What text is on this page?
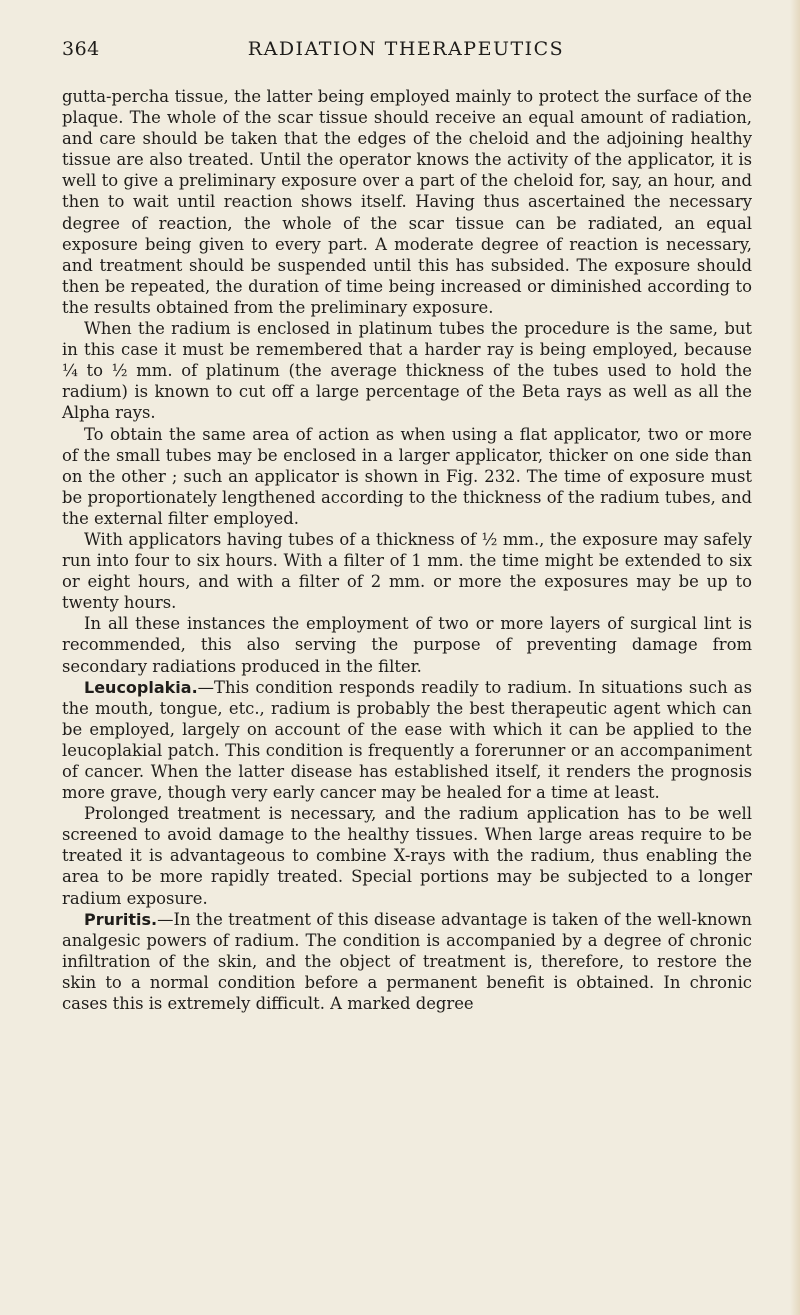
364	RADIATION THERAPEUTICS

gutta-percha tissue, the latter being employed mainly to protect the surface of the plaque. The whole of the scar tissue should receive an equal amount of radiation, and care should be taken that the edges of the cheloid and the adjoining healthy tissue are also treated. Until the operator knows the activity of the applicator, it is well to give a preliminary exposure over a part of the cheloid for, say, an hour, and then to wait until reaction shows itself. Having thus ascertained the necessary degree of reaction, the whole of the scar tissue can be radiated, an equal exposure being given to every part. A moderate degree of reaction is necessary, and treatment should be suspended until this has subsided. The exposure should then be repeated, the duration of time being increased or diminished according to the results obtained from the preliminary exposure.

When the radium is enclosed in platinum tubes the procedure is the same, but in this case it must be remembered that a harder ray is being employed, because ¼ to ½ mm. of platinum (the average thickness of the tubes used to hold the radium) is known to cut off a large percentage of the Beta rays as well as all the Alpha rays.

To obtain the same area of action as when using a flat applicator, two or more of the small tubes may be enclosed in a larger applicator, thicker on one side than on the other ; such an applicator is shown in Fig. 232. The time of exposure must be proportionately lengthened according to the thickness of the radium tubes, and the external filter employed.

With applicators having tubes of a thickness of ½ mm., the exposure may safely run into four to six hours. With a filter of 1 mm. the time might be extended to six or eight hours, and with a filter of 2 mm. or more the exposures may be up to twenty hours.

In all these instances the employment of two or more layers of surgical lint is recommended, this also serving the purpose of preventing damage from secondary radiations produced in the filter.

Leucoplakia.—This condition responds readily to radium. In situations such as the mouth, tongue, etc., radium is probably the best therapeutic agent which can be employed, largely on account of the ease with which it can be applied to the leucoplakial patch. This condition is frequently a forerunner or an accompaniment of cancer. When the latter disease has established itself, it renders the prognosis more grave, though very early cancer may be healed for a time at least.

Prolonged treatment is necessary, and the radium application has to be well screened to avoid damage to the healthy tissues. When large areas require to be treated it is advantageous to combine X-rays with the radium, thus enabling the area to be more rapidly treated. Special portions may be subjected to a longer radium exposure.

Pruritis.—In the treatment of this disease advantage is taken of the well-known analgesic powers of radium. The condition is accompanied by a degree of chronic infiltration of the skin, and the object of treatment is, therefore, to restore the skin to a normal condition before a permanent benefit is obtained. In chronic cases this is extremely difficult. A marked degree
